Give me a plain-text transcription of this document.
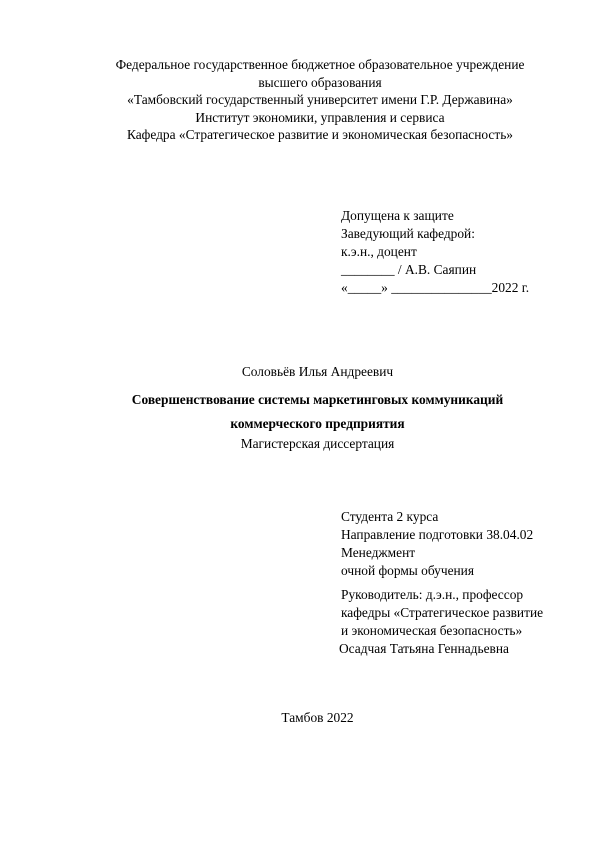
Федеральное государственное бюджетное образовательное учреждение
высшего образования
«Тамбовский государственный университет имени Г.Р. Державина»
Институт экономики, управления и сервиса
Кафедра «Стратегическое развитие и экономическая безопасность»
Допущена к защите
Заведующий кафедрой:
к.э.н., доцент
________ / А.В. Саяпин
«_____» _______________2022 г.
Соловьёв Илья Андреевич
Совершенствование системы маркетинговых коммуникаций
коммерческого предприятия
Магистерская диссертация
Студента 2 курса
Направление подготовки 38.04.02
Менеджмент
очной формы обучения
Руководитель: д.э.н., профессор
кафедры «Стратегическое развитие
и экономическая безопасность»
Осадчая Татьяна Геннадьевна
Тамбов 2022
